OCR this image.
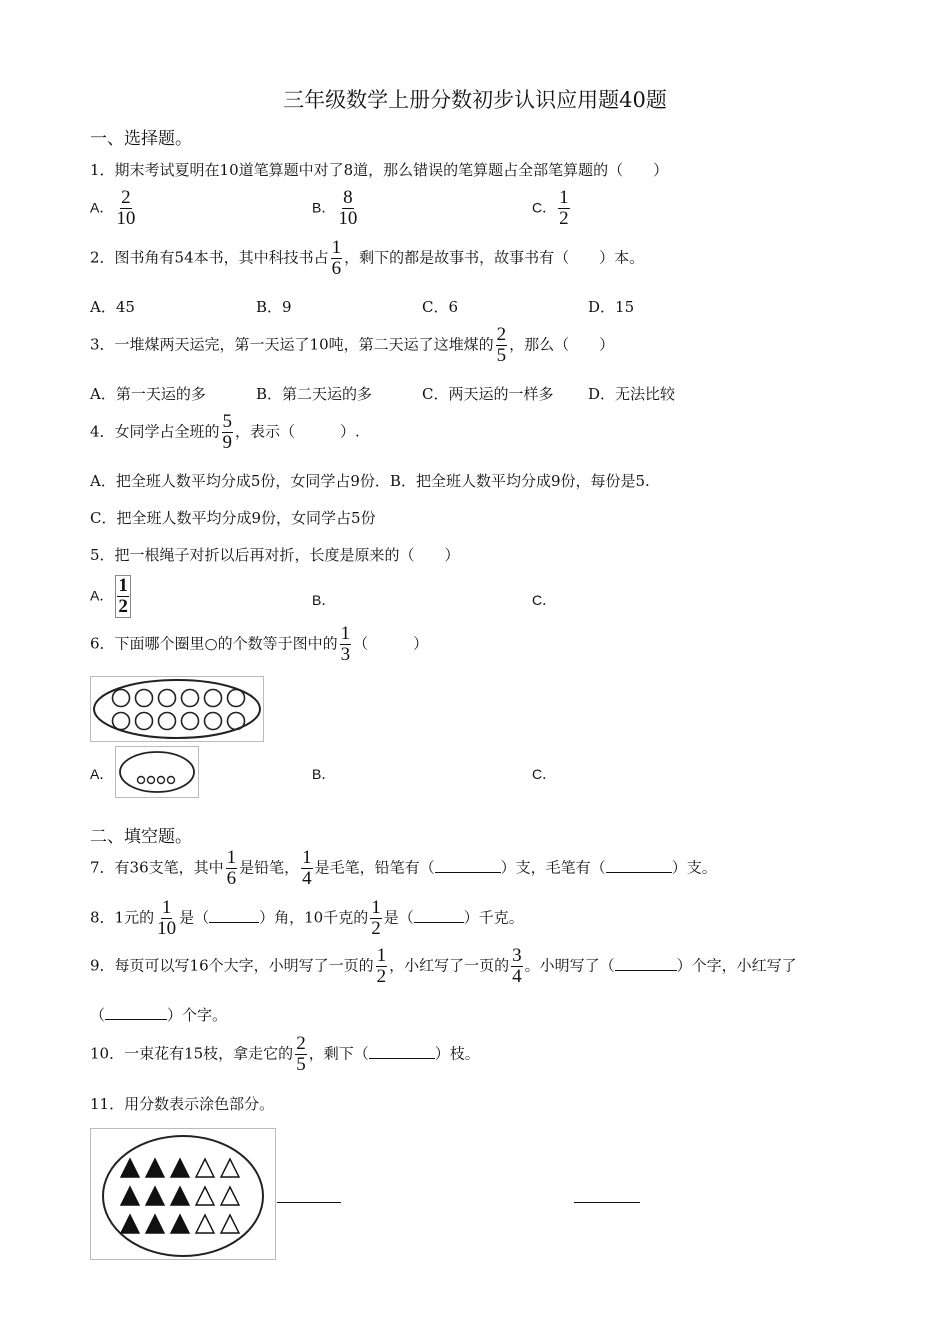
三年级数学上册分数初步认识应用题40题
一、选择题。
1．期末考试夏明在10道笔算题中对了8道，那么错误的笔算题占全部笔算题的（　　）
A． $\frac{2}{10}$	B． $\frac{8}{10}$	C． $\frac{1}{2}$
2．图书角有54本书，其中科技书占 $\frac{1}{6}$ ，剩下的都是故事书，故事书有（　　）本。
A．45	B．9	C．6	D．15
3．一堆煤两天运完，第一天运了10吨，第二天运了这堆煤的 $\frac{2}{5}$ ，那么（　　）
A．第一天运的多	B．第二天运的多	C．两天运的一样多 D．无法比较
4．女同学占全班的 $\frac{5}{9}$ ，表示（　　　）.
A．把全班人数平均分成5份，女同学占9份．B．把全班人数平均分成9份，每份是5.
C．把全班人数平均分成9份，女同学占5份
5．把一根绳子对折以后再对折，长度是原来的（　　）
A． $\frac{1}{2}$	B．	C．
6．下面哪个圈里○的个数等于图中的 $\frac{1}{3}$ （　　　）
A．	B．	C．
二、填空题。
7．有36支笔，其中 $\frac{1}{6}$ 是铅笔， $\frac{1}{4}$ 是毛笔，铅笔有（	）支，毛笔有（	）支。
8．1元的 $\frac{1}{10}$ 是（	）角，10千克的 $\frac{1}{2}$ 是（	）千克。
9．每页可以写16个大字，小明写了一页的 $\frac{1}{2}$ ，小红写了一页的 $\frac{3}{4}$ 。小明写了（	）个字，小红写了
（	）个字。
10．一束花有15枝，拿走它的 $\frac{2}{5}$ ，剩下（	）枝。
11．用分数表示涂色部分。
